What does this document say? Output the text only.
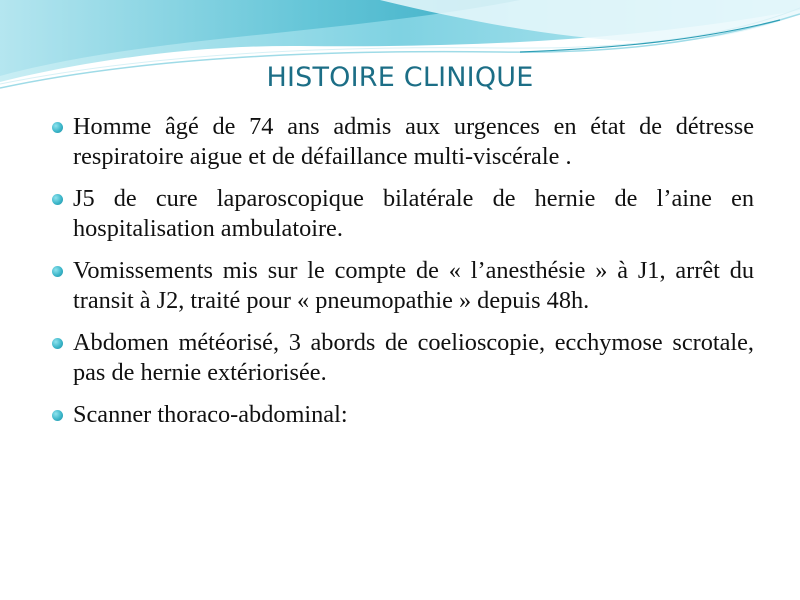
HISTOIRE CLINIQUE
Homme âgé de 74 ans admis aux urgences en état de détresse respiratoire aigue et de défaillance multi-viscérale .
J5 de cure laparoscopique bilatérale de hernie de l’aine en hospitalisation ambulatoire.
Vomissements mis sur le compte de « l’anesthésie » à J1, arrêt du transit à J2, traité pour « pneumopathie » depuis 48h.
Abdomen météorisé, 3 abords de coelioscopie, ecchymose scrotale, pas de hernie extériorisée.
Scanner thoraco-abdominal:
